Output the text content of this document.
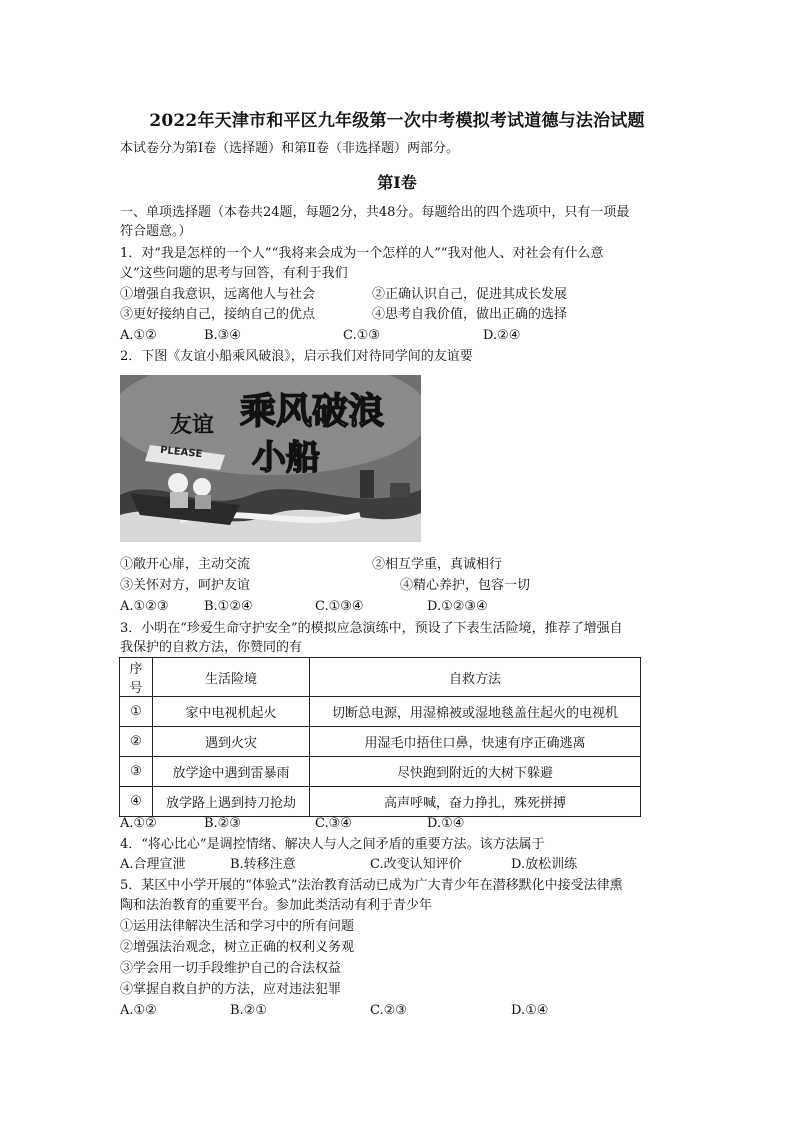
2022年天津市和平区九年级第一次中考模拟考试道德与法治试题
本试卷分为第Ⅰ卷（选择题）和第Ⅱ卷（非选择题）两部分。
第Ⅰ卷
一、单项选择题（本卷共24题，每题2分，共48分。每题给出的四个选项中，只有一项最
符合题意。）
1．对“我是怎样的一个人”“我将来会成为一个怎样的人”“我对他人、对社会有什么意
义”这些问题的思考与回答，有利于我们
①增强自我意识，远离他人与社会	②正确认识自己，促进其成长发展
③更好接纳自己，接纳自己的优点	④思考自我价值，做出正确的选择
A.①②	B.③④	C.①③	D.②④
2．下图《友谊小船乘风破浪》，启示我们对待同学间的友谊要
友谊 乘风破浪
小船
PLEASE
①敞开心扉，主动交流	②相互学重，真诚相行
③关怀对方，呵护友谊	④精心养护，包容一切
A.①②③	B.①②④	C.①③④	D.①②③④
3．小明在“珍爱生命守护安全”的模拟应急演练中，预设了下表生活险境，推荐了增强自
我保护的自救方法，你赞同的有
序号	生活险境	自救方法
①	家中电视机起火	切断总电源，用湿棉被或湿地毯盖住起火的电视机
②	遇到火灾	用湿毛巾捂住口鼻，快速有序正确逃离
③	放学途中遇到雷暴雨	尽快跑到附近的大树下躲避
④	放学路上遇到持刀抢劫	高声呼喊，奋力挣扎，殊死拼搏
A.①②	B.②③	C.③④	D.①④
4．“将心比心”是调控情绪、解决人与人之间矛盾的重要方法。该方法属于
A.合理宣泄	B.转移注意	C.改变认知评价	D.放松训练
5．某区中小学开展的“体验式”法治教育活动已成为广大青少年在潜移默化中接受法律熏
陶和法治教育的重要平台。参加此类活动有利于青少年
①运用法律解决生活和学习中的所有问题
②增强法治观念，树立正确的权利义务观
③学会用一切手段维护自己的合法权益
④掌握自救自护的方法，应对违法犯罪
A.①②	B.②①	C.②③	D.①④
